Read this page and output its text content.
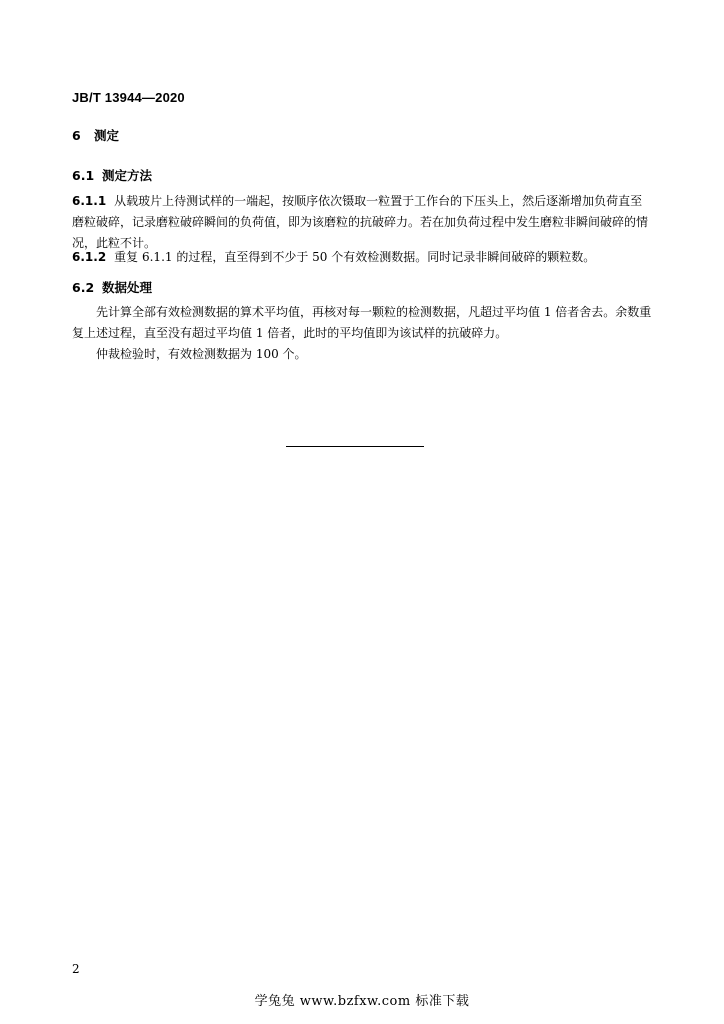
JB/T 13944—2020
6 测定
6.1 测定方法
6.1.1 从载玻片上待测试样的一端起，按顺序依次镊取一粒置于工作台的下压头上，然后逐渐增加负荷直至磨粒破碎，记录磨粒破碎瞬间的负荷值，即为该磨粒的抗破碎力。若在加负荷过程中发生磨粒非瞬间破碎的情况，此粒不计。
6.1.2 重复 6.1.1 的过程，直至得到不少于 50 个有效检测数据。同时记录非瞬间破碎的颗粒数。
6.2 数据处理
先计算全部有效检测数据的算术平均值，再核对每一颗粒的检测数据，凡超过平均值 1 倍者舍去。余数重复上述过程，直至没有超过平均值 1 倍者，此时的平均值即为该试样的抗破碎力。
仲裁检验时，有效检测数据为 100 个。
2
学兔兔 www.bzfxw.com 标准下载
